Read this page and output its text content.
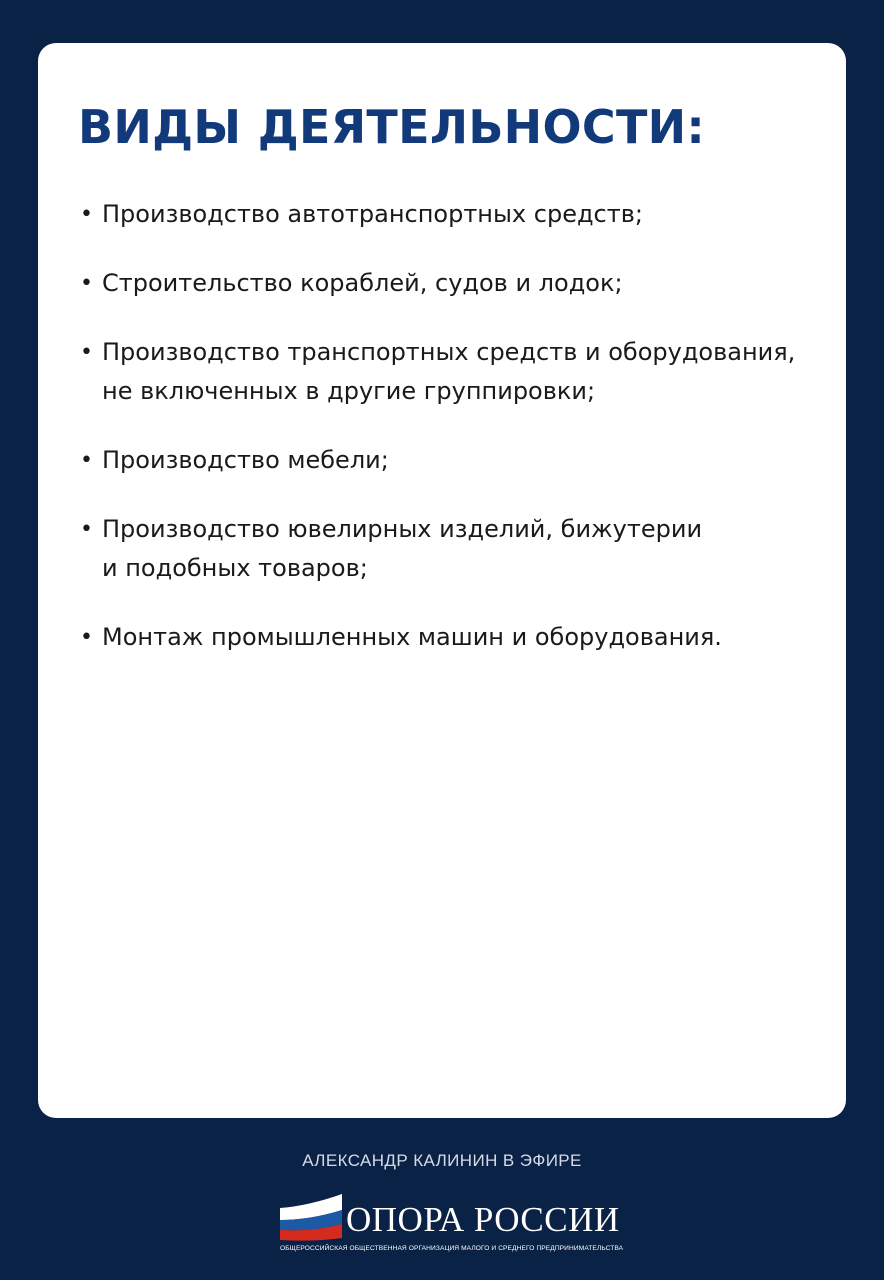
ВИДЫ ДЕЯТЕЛЬНОСТИ:
• Производство автотранспортных средств;
• Строительство кораблей, судов и лодок;
• Производство транспортных средств и оборудования,
не включенных в другие группировки;
• Производство мебели;
• Производство ювелирных изделий, бижутерии
и подобных товаров;
• Монтаж промышленных машин и оборудования.
АЛЕКСАНДР КАЛИНИН В ЭФИРЕ
ОПОРА РОССИИ
ОБЩЕРОССИЙСКАЯ ОБЩЕСТВЕННАЯ ОРГАНИЗАЦИЯ МАЛОГО И СРЕДНЕГО ПРЕДПРИНИМАТЕЛЬСТВА
